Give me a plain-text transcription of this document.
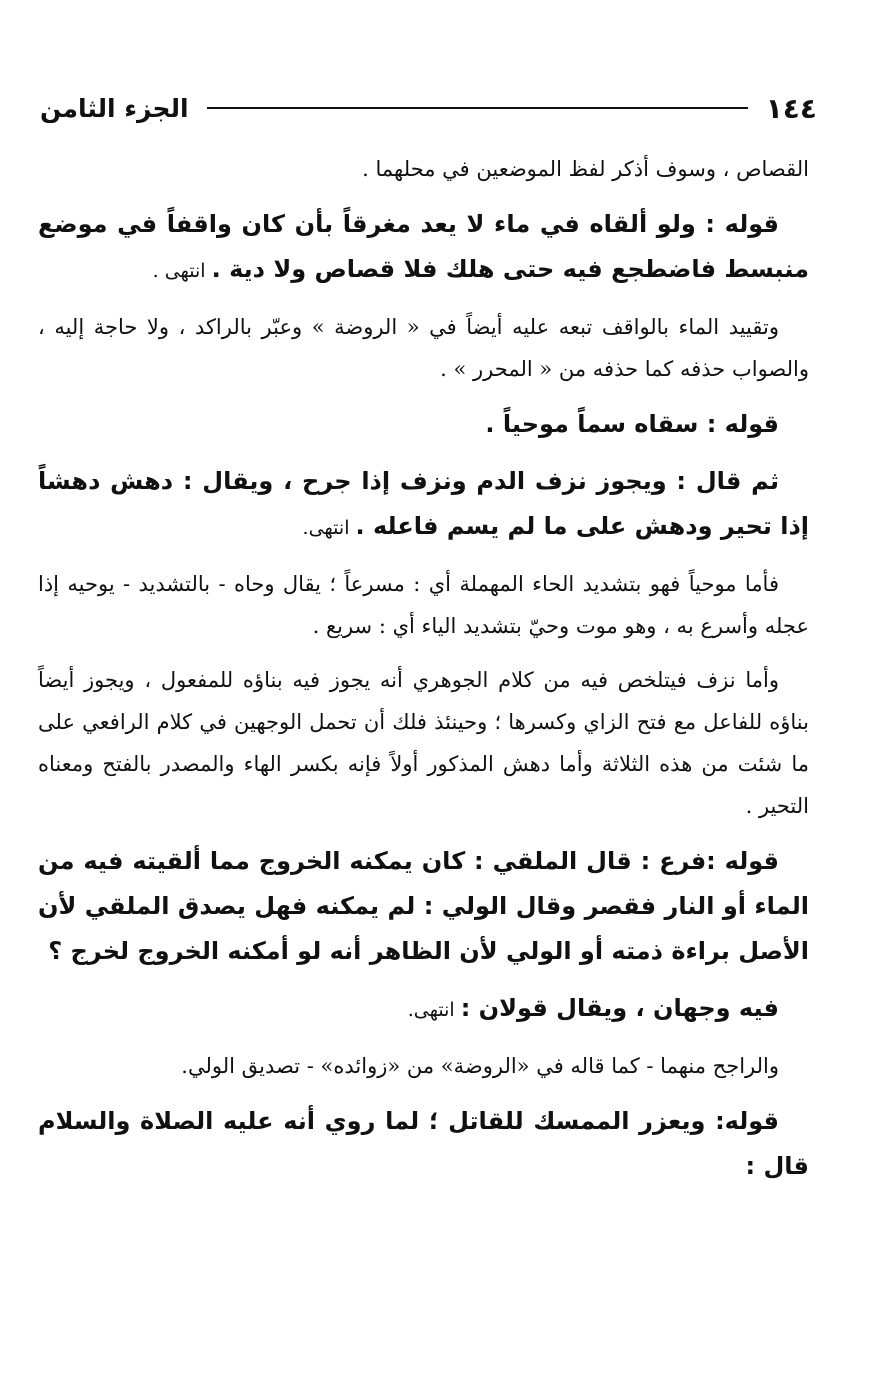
١٤٤
الجزء الثامن

القصاص ، وسوف أذكر لفظ الموضعين في محلهما .

قوله : ولو ألقاه في ماء لا يعد مغرقاً بأن كان واقفاً في موضع منبسط فاضطجع فيه حتى هلك فلا قصاص ولا دية . انتهى .

وتقييد الماء بالواقف تبعه عليه أيضاً في « الروضة » وعبّر بالراكد ، ولا حاجة إليه ، والصواب حذفه كما حذفه من « المحرر » .

قوله : سقاه سماً موحياً .

ثم قال : ويجوز نزف الدم ونزف إذا جرح ، ويقال : دهش دهشاً إذا تحير ودهش على ما لم يسم فاعله . انتهى.

فأما موحياً فهو بتشديد الحاء المهملة أي : مسرعاً ؛ يقال وحاه - بالتشديد - يوحيه إذا عجله وأسرع به ، وهو موت وحيّ بتشديد الياء أي : سريع .

وأما نزف فيتلخص فيه من كلام الجوهري أنه يجوز فيه بناؤه للمفعول ، ويجوز أيضاً بناؤه للفاعل مع فتح الزاي وكسرها ؛ وحينئذ فلك أن تحمل الوجهين في كلام الرافعي على ما شئت من هذه الثلاثة وأما دهش المذكور أولاً فإنه بكسر الهاء والمصدر بالفتح ومعناه التحير .

قوله :فرع : قال الملقي : كان يمكنه الخروج مما ألقيته فيه من الماء أو النار فقصر وقال الولي : لم يمكنه فهل يصدق الملقي لأن الأصل براءة ذمته أو الولي لأن الظاهر أنه لو أمكنه الخروج لخرج ؟

فيه وجهان ، ويقال قولان : انتهى.

والراجح منهما - كما قاله في «الروضة» من «زوائده» - تصديق الولي.

قوله: ويعزر الممسك للقاتل ؛ لما روي أنه عليه الصلاة والسلام قال :
